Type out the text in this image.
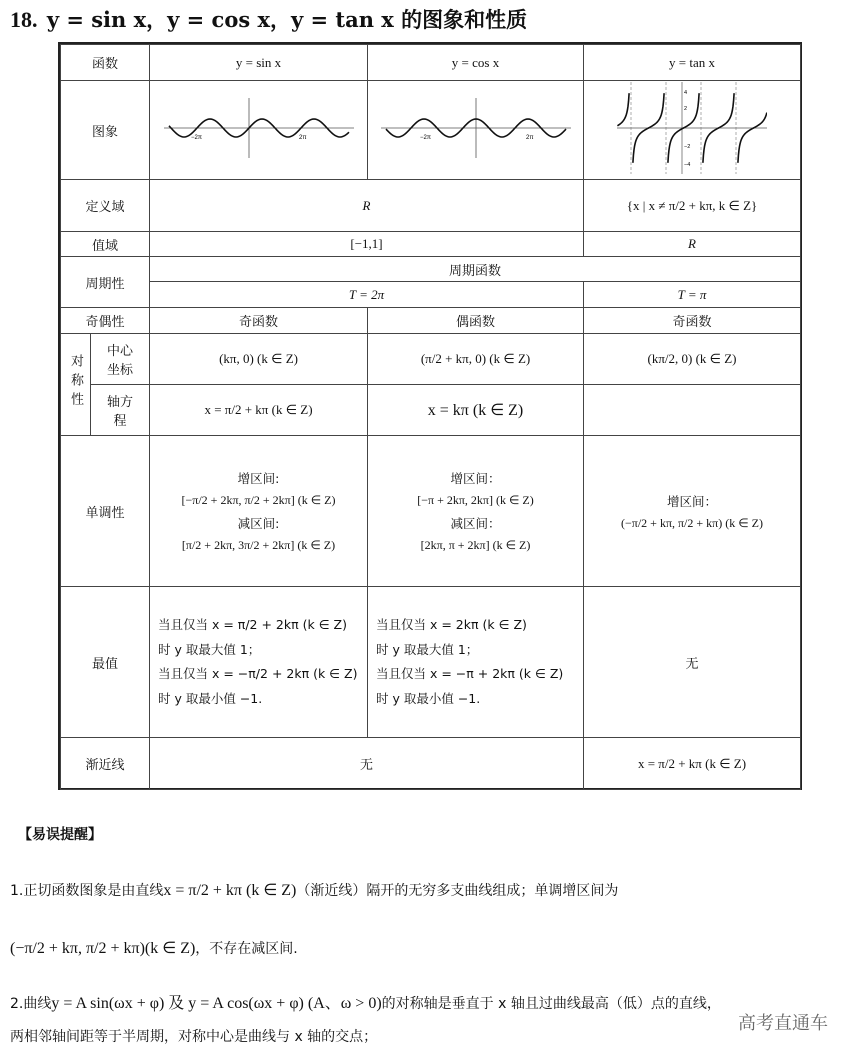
18. y = sin x，y = cos x，y = tan x 的图象和性质
函数		y = sin x	y = cos x	y = tan x
图象		−2π 2π	−2π 2π	4
2
−2
−4

定义域		R		{x | x ≠ π/2 + kπ, k ∈ Z}
值域		[−1,1]		R
周期性		周期函数		
		T = 2π		T = π
奇偶性		奇函数	偶函数	奇函数
对称性	中心坐标	(kπ, 0) (k ∈ Z)	(π/2 + kπ, 0) (k ∈ Z)	(kπ/2, 0) (k ∈ Z)
	轴方程	x = π/2 + kπ (k ∈ Z)	x = kπ (k ∈ Z)	
单调性		增区间:
[−π/2 + 2kπ, π/2 + 2kπ] (k ∈ Z)
减区间:
[π/2 + 2kπ, 3π/2 + 2kπ] (k ∈ Z)	增区间：
[−π + 2kπ, 2kπ] (k ∈ Z)
减区间：
[2kπ, π + 2kπ] (k ∈ Z)	增区间：
(−π/2 + kπ, π/2 + kπ) (k ∈ Z)

最值		当且仅当 x = π/2 + 2kπ (k ∈ Z)
时 y 取最大值 1；
当且仅当 x = −π/2 + 2kπ (k ∈ Z)
时 y 取最小值 −1.	当且仅当 x = 2kπ (k ∈ Z)
时 y 取最大值 1；
当且仅当 x = −π + 2kπ (k ∈ Z)
时 y 取最小值 −1.	无
渐近线		无		x = π/2 + kπ (k ∈ Z)
【易误提醒】
1.正切函数图象是由直线x = π/2 + kπ (k ∈ Z)（渐近线）隔开的无穷多支曲线组成；单调增区间为
(−π/2 + kπ, π/2 + kπ)(k ∈ Z)，不存在减区间.
2.曲线y = A sin(ωx + φ) 及 y = A cos(ωx + φ) (A、ω > 0)的对称轴是垂直于 x 轴且过曲线最高（低）点的直线，
两相邻轴间距等于半周期，对称中心是曲线与 x 轴的交点；
高考直通车
